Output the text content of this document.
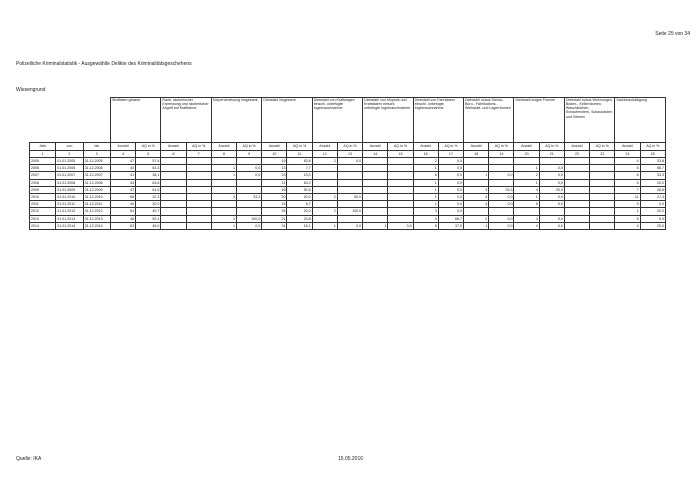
Seite 25 von 34
Polizeiliche Kriminalstatistik - Ausgewählte Delikte des Kriminalitätsgeschehens
Wiesengrund
			Straftaten gesamt		Raub, räuberischer Erpressung und räuberischer Angriff auf Kraftfahrer		Körperverletzung insgesamt		Diebstahl insgesamt		Diebstahl von Kraftwagen einschl. unbefugte Ingebrauchnahme		Diebstahl von Mopeds und Krafträdern einschl. unbefugte Ingebrauchnahme		Diebstahl von Fahrrädern einschl. unbefugte Ingebrauchnahme		Diebstahl in/aus Dienst-, Büro-, Fabrikations-, Werkstatt- und Lagerräumen		Diebstahl insges Formen		Diebstahl in/aus Wohnungen, Boden-, Kellerräumen, Waschküchen, Schaufenstern, Schaukästen und Vitrinen		Sachbeschädigung	
Jahr	von	bis	Anzahl	AQ in %	Anzahl	AQ in %	Anzahl	AQ in %	Anzahl	AQ in %	Anzahl	AQ in %	Anzahl	AQ in %	Anzahl	AQ in %	Anzahl	AQ in %	Anzahl	AQ in %	Anzahl	AQ in %	Anzahl	AQ in %
1	2	3	4	5	6	7	8	9	10	11	12	13	14	15	16	17	18	19	20	21	22	23	24	25
2005	01.01.2005	31.12.2005	47	57,4					19	63,8	2	0,0			2	0,0							4	33,8
2006	01.01.2006	31.12.2006	44	63,3			1	0,0	13	7,7					1	0,0			1	0,0			6	66,7
2007	01.01.2007	31.12.2007	41	38,1			1	0,0	23	13,0					6	0,0	1	0,0	2	0,0			6	33,3
2008	01.01.2008	31.12.2008	44	63,6					11	63,2					1	0,0			1	0,0			5	20,0
2009	01.01.2009	31.12.2009	47	61,5					16	52,6					1	0,0	3	33,3	4	25,0			7	28,6
2010	01.01.2010	31.12.2010	68	32,3			3	33,3	20	20,0	2	50,0			1	0,0	4	0,0	1	0,0			11	27,3
2011	01.01.2011	31.12.2011	40	30,0					15	6,7					1	0,0	4	0,0	5	0,0			5	0,0
2012	01.01.2012	31.12.2012	54	40,7					25	20,0	2	100,0			3	0,0							1	20,0
2013	01.01.2013	31.12.2013	46	52,1			1	100,0	21	23,8					3	66,7	2	0,0	4	0,0			5	0,0
2014	01.01.2014	31.12.2014	63	46,0			1	0,0	31	16,1	1	0,0	1	0,0	8	37,5	1	0,0	4	0,0			4	25,0
Quelle: IKA	15.05.2016
